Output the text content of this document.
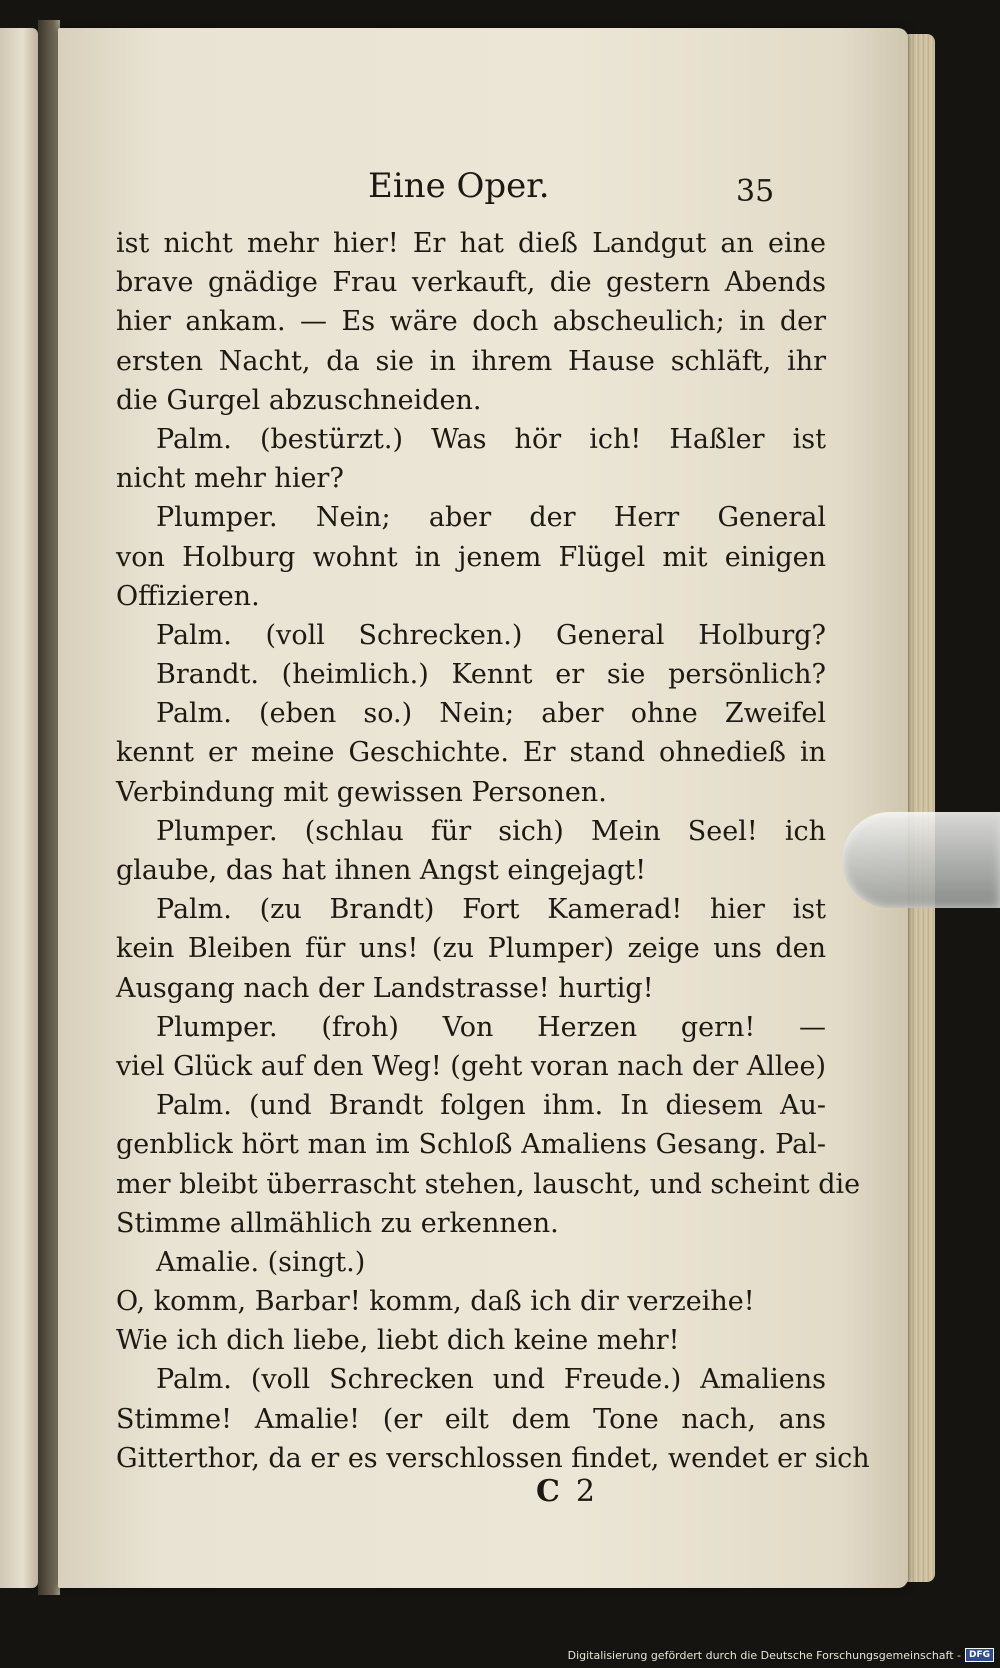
Eine Oper.	35
ist nicht mehr hier! Er hat dieß Landgut an eine
brave gnädige Frau verkauft, die gestern Abends
hier ankam. — Es wäre doch abscheulich; in der
ersten Nacht, da sie in ihrem Hause schläft, ihr
die Gurgel abzuschneiden.
Palm. (bestürzt.) Was hör ich! Haßler ist
nicht mehr hier?
Plumper. Nein; aber der Herr General
von Holburg wohnt in jenem Flügel mit einigen
Offizieren.
Palm. (voll Schrecken.) General Holburg?
Brandt. (heimlich.) Kennt er sie persönlich?
Palm. (eben so.) Nein; aber ohne Zweifel
kennt er meine Geschichte. Er stand ohnedieß in
Verbindung mit gewissen Personen.
Plumper. (schlau für sich) Mein Seel! ich
glaube, das hat ihnen Angst eingejagt!
Palm. (zu Brandt) Fort Kamerad! hier ist
kein Bleiben für uns! (zu Plumper) zeige uns den
Ausgang nach der Landstrasse! hurtig!
Plumper. (froh) Von Herzen gern! —
viel Glück auf den Weg! (geht voran nach der Allee)
Palm. (und Brandt folgen ihm. In diesem Au-
genblick hört man im Schloß Amaliens Gesang. Pal-
mer bleibt überrascht stehen, lauscht, und scheint die
Stimme allmählich zu erkennen.
Amalie. (singt.)
O, komm, Barbar! komm, daß ich dir verzeihe!
Wie ich dich liebe, liebt dich keine mehr!
Palm. (voll Schrecken und Freude.) Amaliens
Stimme! Amalie! (er eilt dem Tone nach, ans
Gitterthor, da er es verschlossen findet, wendet er sich
C 2
Digitalisierung gefördert durch die Deutsche Forschungsgemeinschaft - DFG
